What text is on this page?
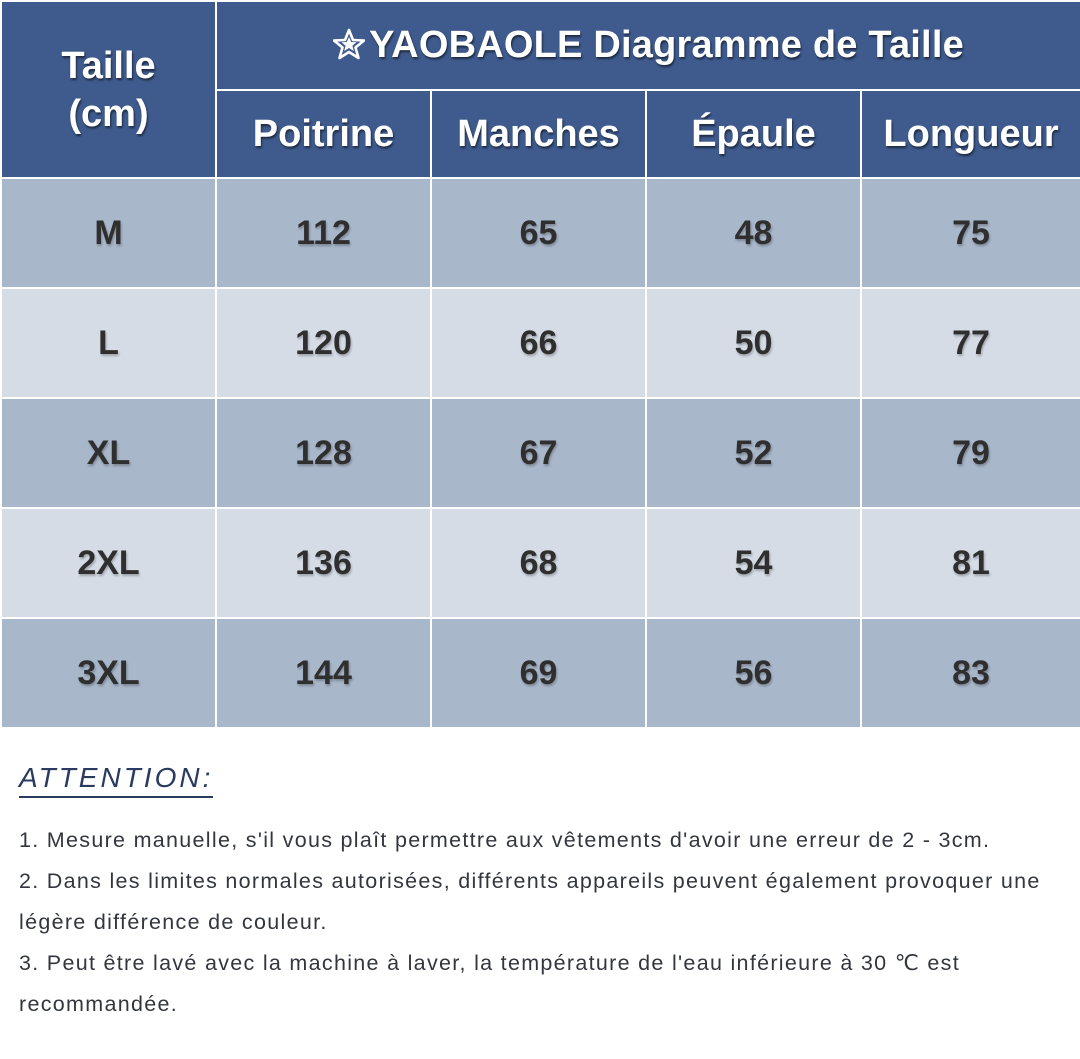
Taille
(cm)	YAOBAOLE Diagramme de Taille			
	Poitrine	Manches	Épaule	Longueur
M	112	65	48	75
L	120	66	50	77
XL	128	67	52	79
2XL	136	68	54	81
3XL	144	69	56	83
ATTENTION:
1. Mesure manuelle, s'il vous plaît permettre aux vêtements d'avoir une erreur de 2 - 3cm.
2. Dans les limites normales autorisées, différents appareils peuvent également provoquer une légère différence de couleur.
3. Peut être lavé avec la machine à laver, la température de l'eau inférieure à 30 ℃ est recommandée.
